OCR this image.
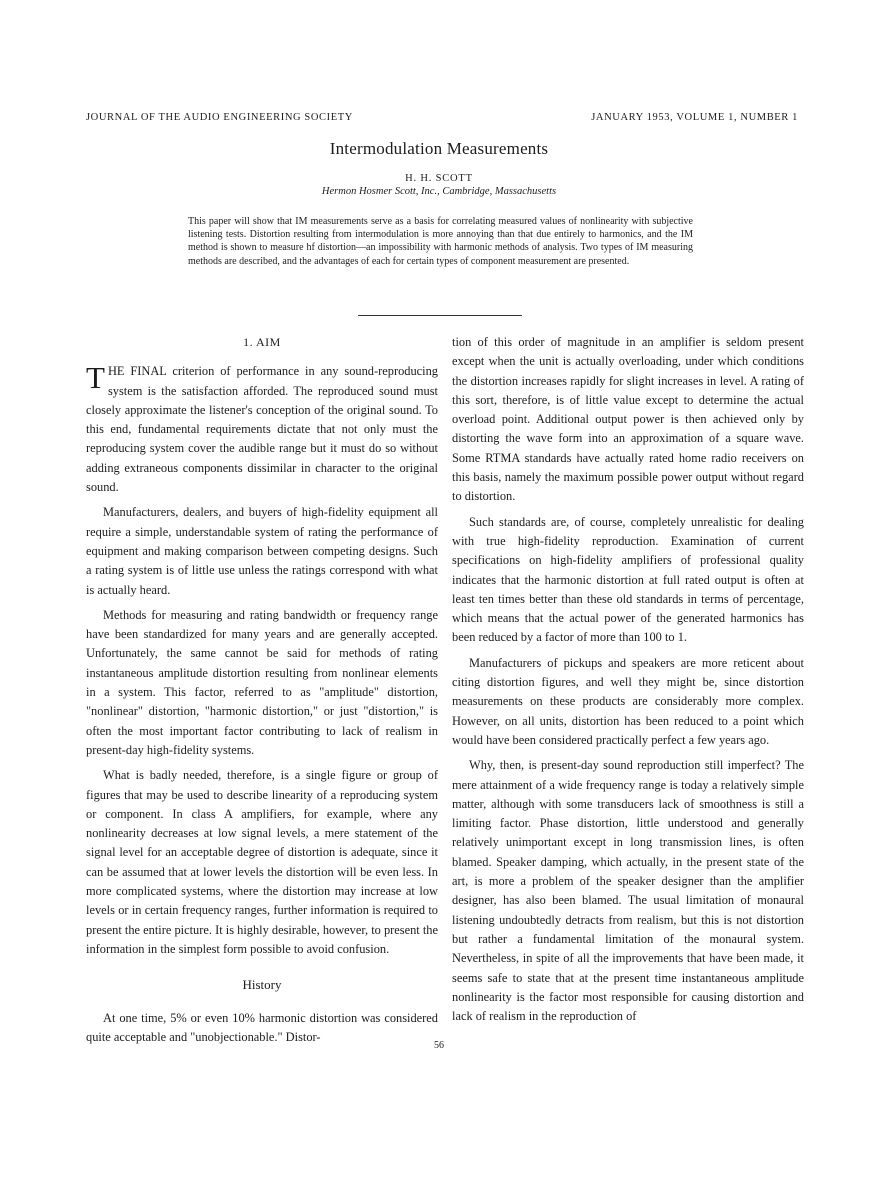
JOURNAL OF THE AUDIO ENGINEERING SOCIETY	JANUARY 1953, VOLUME 1, NUMBER 1
Intermodulation Measurements
H. H. SCOTT
Hermon Hosmer Scott, Inc., Cambridge, Massachusetts

This paper will show that IM measurements serve as a basis for correlating measured values of nonlinearity with subjective listening tests. Distortion resulting from intermodulation is more annoying than that due entirely to harmonics, and the IM method is shown to measure hf distortion—an impossibility with harmonic methods of analysis. Two types of IM measuring methods are described, and the advantages of each for certain types of component measurement are presented.

1. AIM

THE FINAL criterion of performance in any sound-reproducing system is the satisfaction afforded. The reproduced sound must closely approximate the listener's conception of the original sound. To this end, fundamental requirements dictate that not only must the reproducing system cover the audible range but it must do so without adding extraneous components dissimilar in character to the original sound.

Manufacturers, dealers, and buyers of high-fidelity equipment all require a simple, understandable system of rating the performance of equipment and making comparison between competing designs. Such a rating system is of little use unless the ratings correspond with what is actually heard.

Methods for measuring and rating bandwidth or frequency range have been standardized for many years and are generally accepted. Unfortunately, the same cannot be said for methods of rating instantaneous amplitude distortion resulting from nonlinear elements in a system. This factor, referred to as "amplitude" distortion, "nonlinear" distortion, "harmonic distortion," or just "distortion," is often the most important factor contributing to lack of realism in present-day high-fidelity systems.

What is badly needed, therefore, is a single figure or group of figures that may be used to describe linearity of a reproducing system or component. In class A amplifiers, for example, where any nonlinearity decreases at low signal levels, a mere statement of the signal level for an acceptable degree of distortion is adequate, since it can be assumed that at lower levels the distortion will be even less. In more complicated systems, where the distortion may increase at low levels or in certain frequency ranges, further information is required to present the entire picture. It is highly desirable, however, to present the information in the simplest form possible to avoid confusion.

History

At one time, 5% or even 10% harmonic distortion was considered quite acceptable and "unobjectionable." Distor-

tion of this order of magnitude in an amplifier is seldom present except when the unit is actually overloading, under which conditions the distortion increases rapidly for slight increases in level. A rating of this sort, therefore, is of little value except to determine the actual overload point. Additional output power is then achieved only by distorting the wave form into an approximation of a square wave. Some RTMA standards have actually rated home radio receivers on this basis, namely the maximum possible power output without regard to distortion.

Such standards are, of course, completely unrealistic for dealing with true high-fidelity reproduction. Examination of current specifications on high-fidelity amplifiers of professional quality indicates that the harmonic distortion at full rated output is often at least ten times better than these old standards in terms of percentage, which means that the actual power of the generated harmonics has been reduced by a factor of more than 100 to 1.

Manufacturers of pickups and speakers are more reticent about citing distortion figures, and well they might be, since distortion measurements on these products are considerably more complex. However, on all units, distortion has been reduced to a point which would have been considered practically perfect a few years ago.

Why, then, is present-day sound reproduction still imperfect? The mere attainment of a wide frequency range is today a relatively simple matter, although with some transducers lack of smoothness is still a limiting factor. Phase distortion, little understood and generally relatively unimportant except in long transmission lines, is often blamed. Speaker damping, which actually, in the present state of the art, is more a problem of the speaker designer than the amplifier designer, has also been blamed. The usual limitation of monaural listening undoubtedly detracts from realism, but this is not distortion but rather a fundamental limitation of the monaural system. Nevertheless, in spite of all the improvements that have been made, it seems safe to state that at the present time instantaneous amplitude nonlinearity is the factor most responsible for causing distortion and lack of realism in the reproduction of

56
